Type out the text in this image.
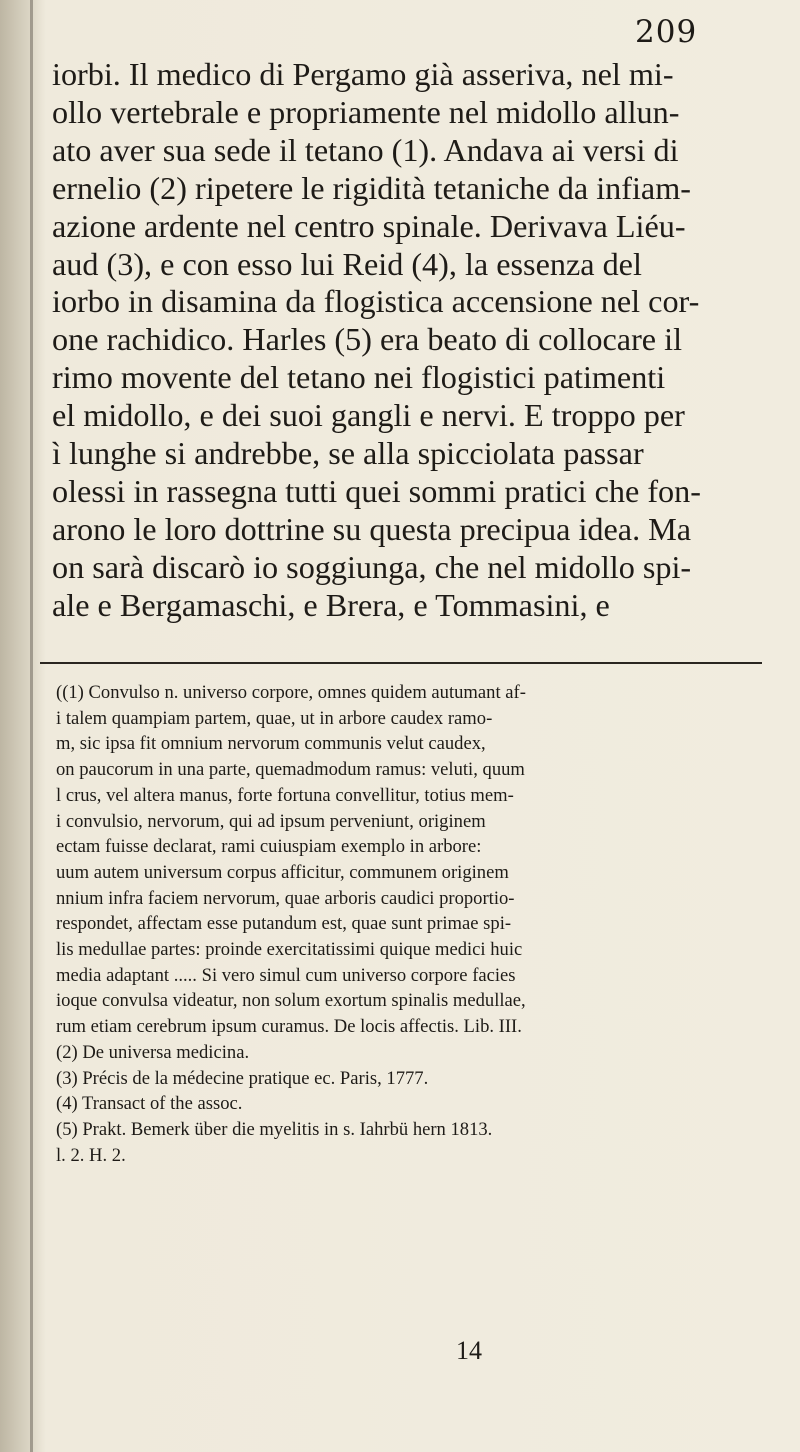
209
iorbi. Il medico di Pergamo già asseriva, nel mi-
ollo vertebrale e propriamente nel midollo allun-
ato aver sua sede il tetano (1). Andava ai versi di
ernelio (2) ripetere le rigidità tetaniche da infiam-
azione ardente nel centro spinale. Derivava Liéu-
aud (3), e con esso lui Reid (4), la essenza del
iorbo in disamina da flogistica accensione nel cor-
one rachidico. Harles (5) era beato di collocare il
rimo movente del tetano nei flogistici patimenti
el midollo, e dei suoi gangli e nervi. E troppo per
ì lunghe si andrebbe, se alla spicciolata passar
olessi in rassegna tutti quei sommi pratici che fon-
arono le loro dottrine su questa precipua idea. Ma
on sarà discarò io soggiunga, che nel midollo spi-
ale e Bergamaschi, e Brera, e Tommasini, e
((1) Convulso n. universo corpore, omnes quidem autumant af-
i talem quampiam partem, quae, ut in arbore caudex ramo-
m, sic ipsa fit omnium nervorum communis velut caudex,
on paucorum in una parte, quemadmodum ramus: veluti, quum
l crus, vel altera manus, forte fortuna convellitur, totius mem-
i convulsio, nervorum, qui ad ipsum perveniunt, originem
ectam fuisse declarat, rami cuiuspiam exemplo in arbore:
uum autem universum corpus afficitur, communem originem
nnium infra faciem nervorum, quae arboris caudici proportio-
respondet, affectam esse putandum est, quae sunt primae spi-
lis medullae partes: proinde exercitatissimi quique medici huic
media adaptant ..... Si vero simul cum universo corpore facies
ioque convulsa videatur, non solum exortum spinalis medullae,
rum etiam cerebrum ipsum curamus. De locis affectis. Lib. III.
(2) De universa medicina.
(3) Précis de la médecine pratique ec. Paris, 1777.
(4) Transact of the assoc.
(5) Prakt. Bemerk über die myelitis in s. Iahrbü hern 1813.
l. 2. H. 2.
14
